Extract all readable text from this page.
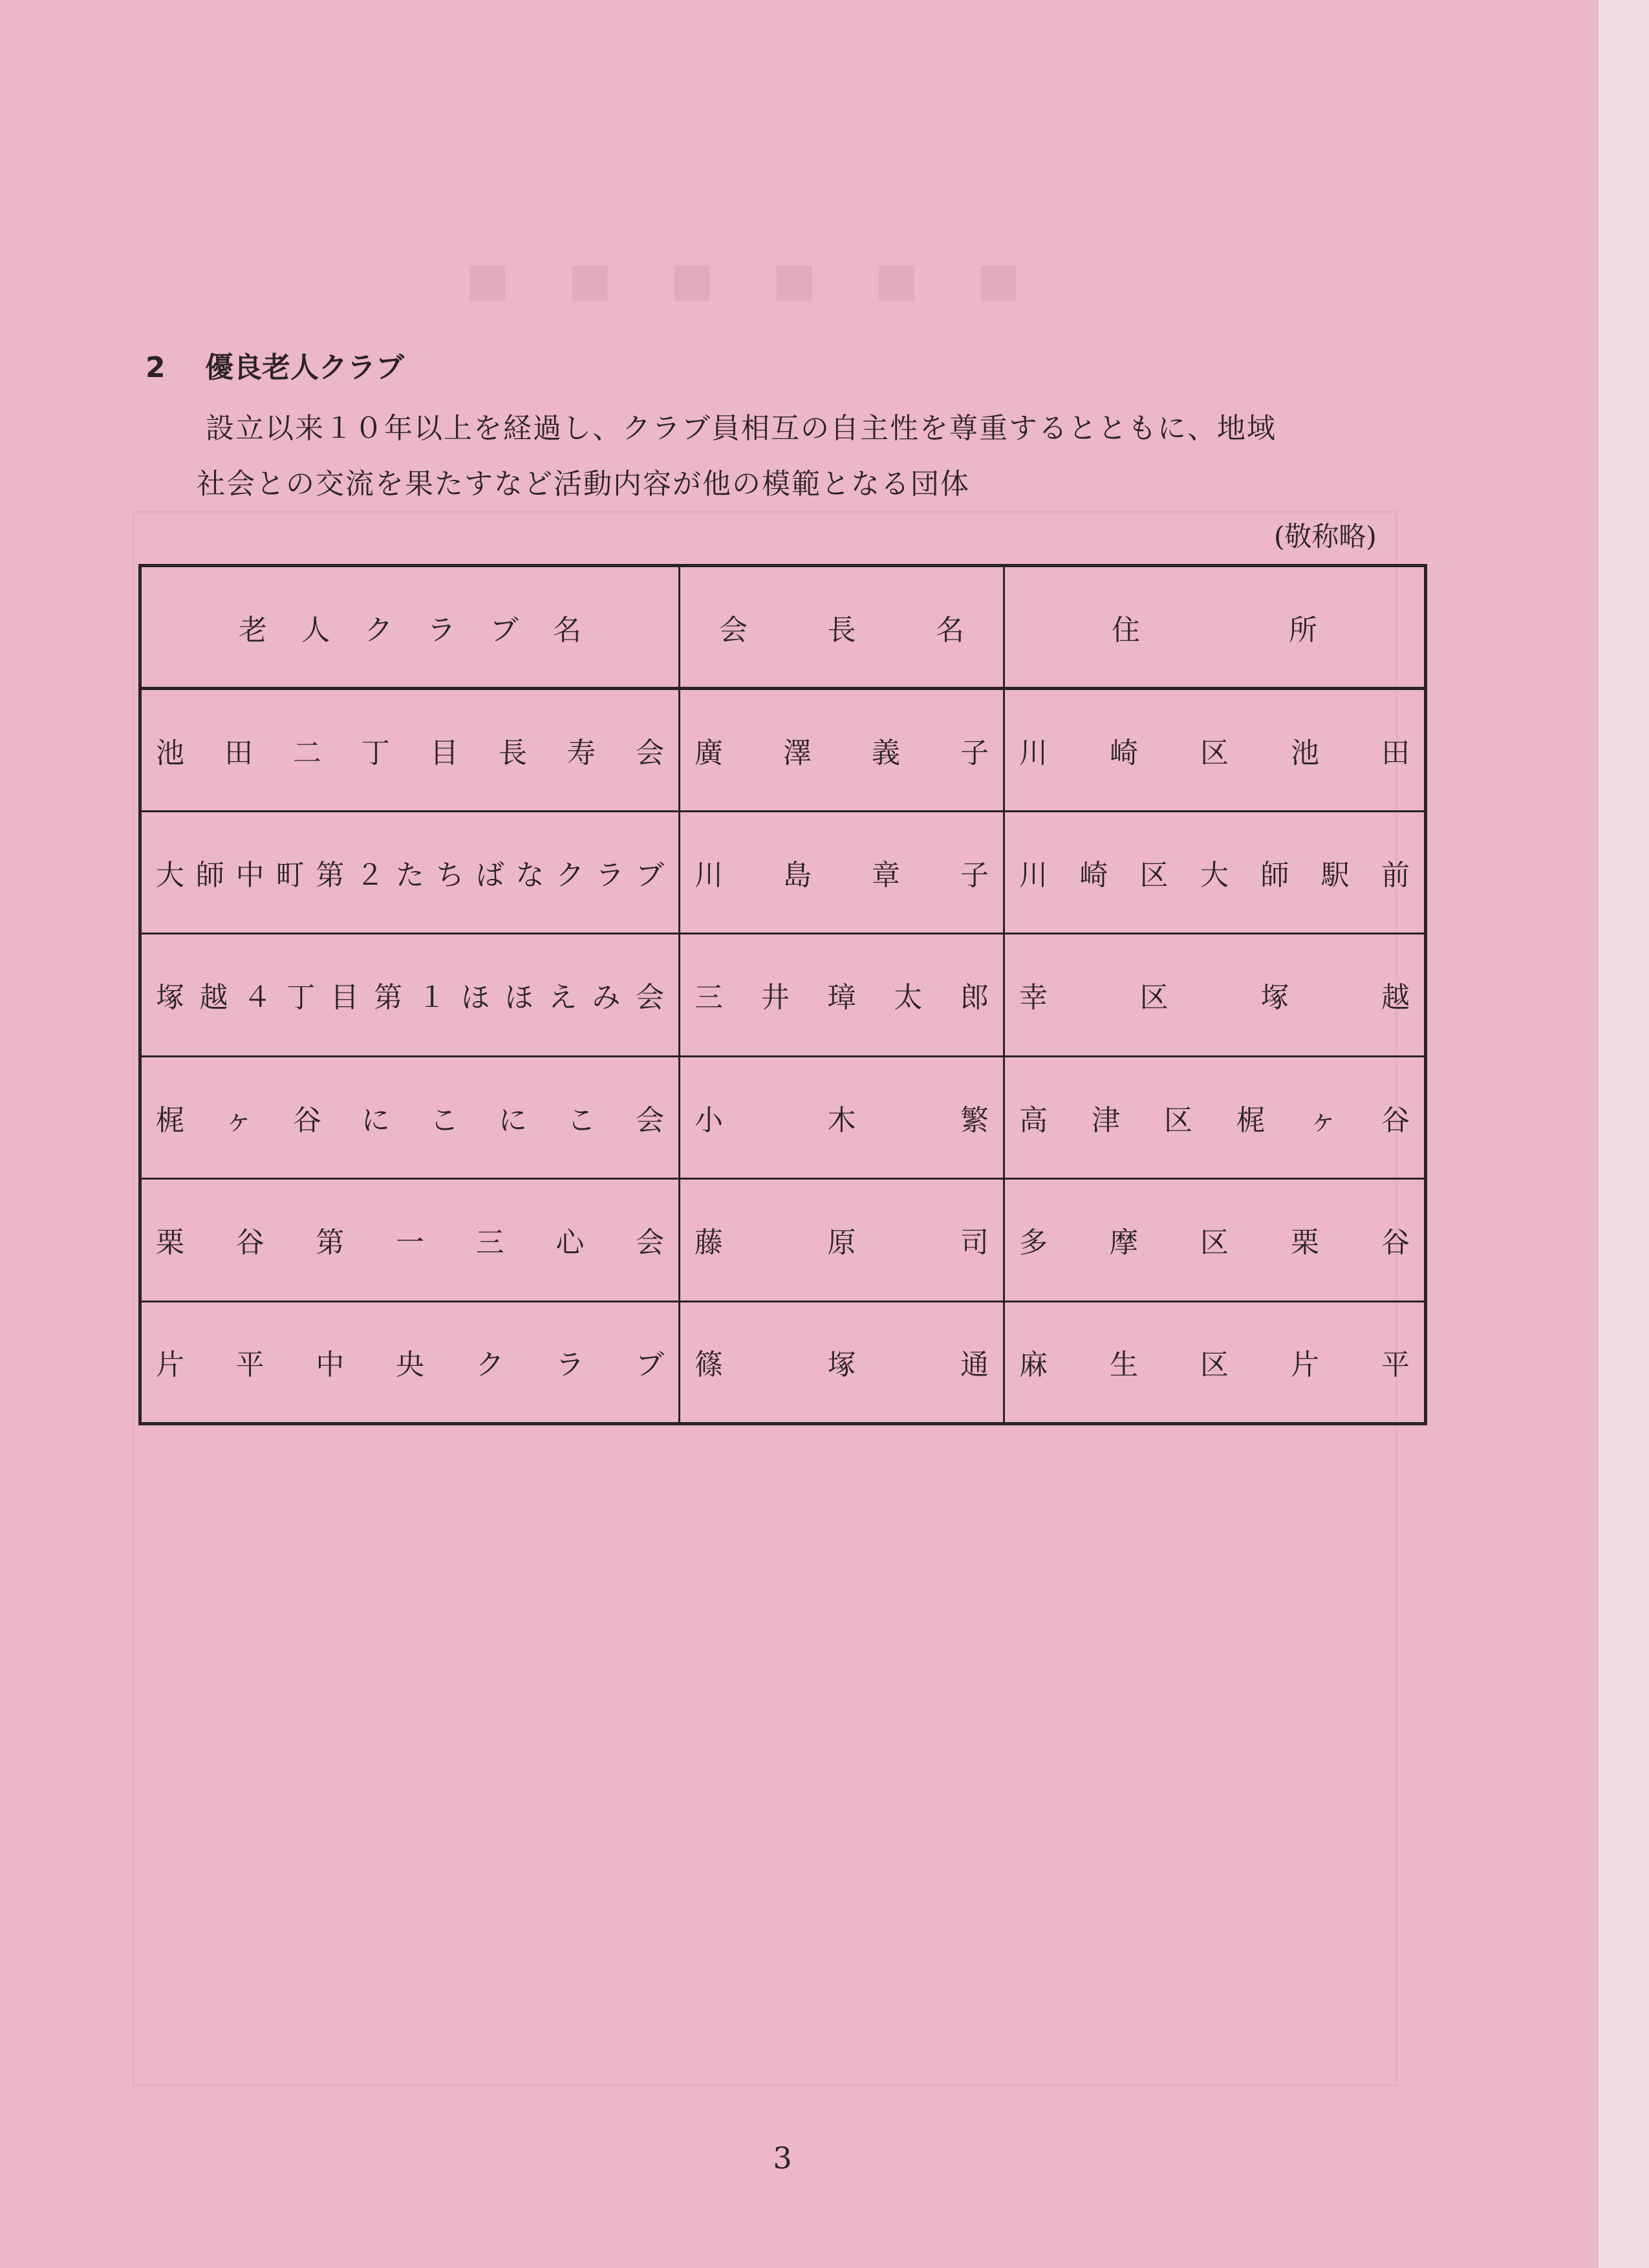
■■■■■■
2 優良老人クラブ
設立以来１０年以上を経過し、クラブ員相互の自主性を尊重するとともに、地域
社会との交流を果たすなど活動内容が他の模範となる団体
(敬称略)
老人クラブ名	会長名	住所

池田二丁目長寿会	廣澤義子	川崎区池田

大師中町第２たちばなクラブ	川島章子	川崎区大師駅前

塚越４丁目第１ほほえみ会	三井璋太郎	幸区塚越

梶ヶ谷にこにこ会	小木繁	高津区梶ヶ谷

栗谷第一三心会	藤原司	多摩区栗谷

片平中央クラブ	篠塚通	麻生区片平
3
